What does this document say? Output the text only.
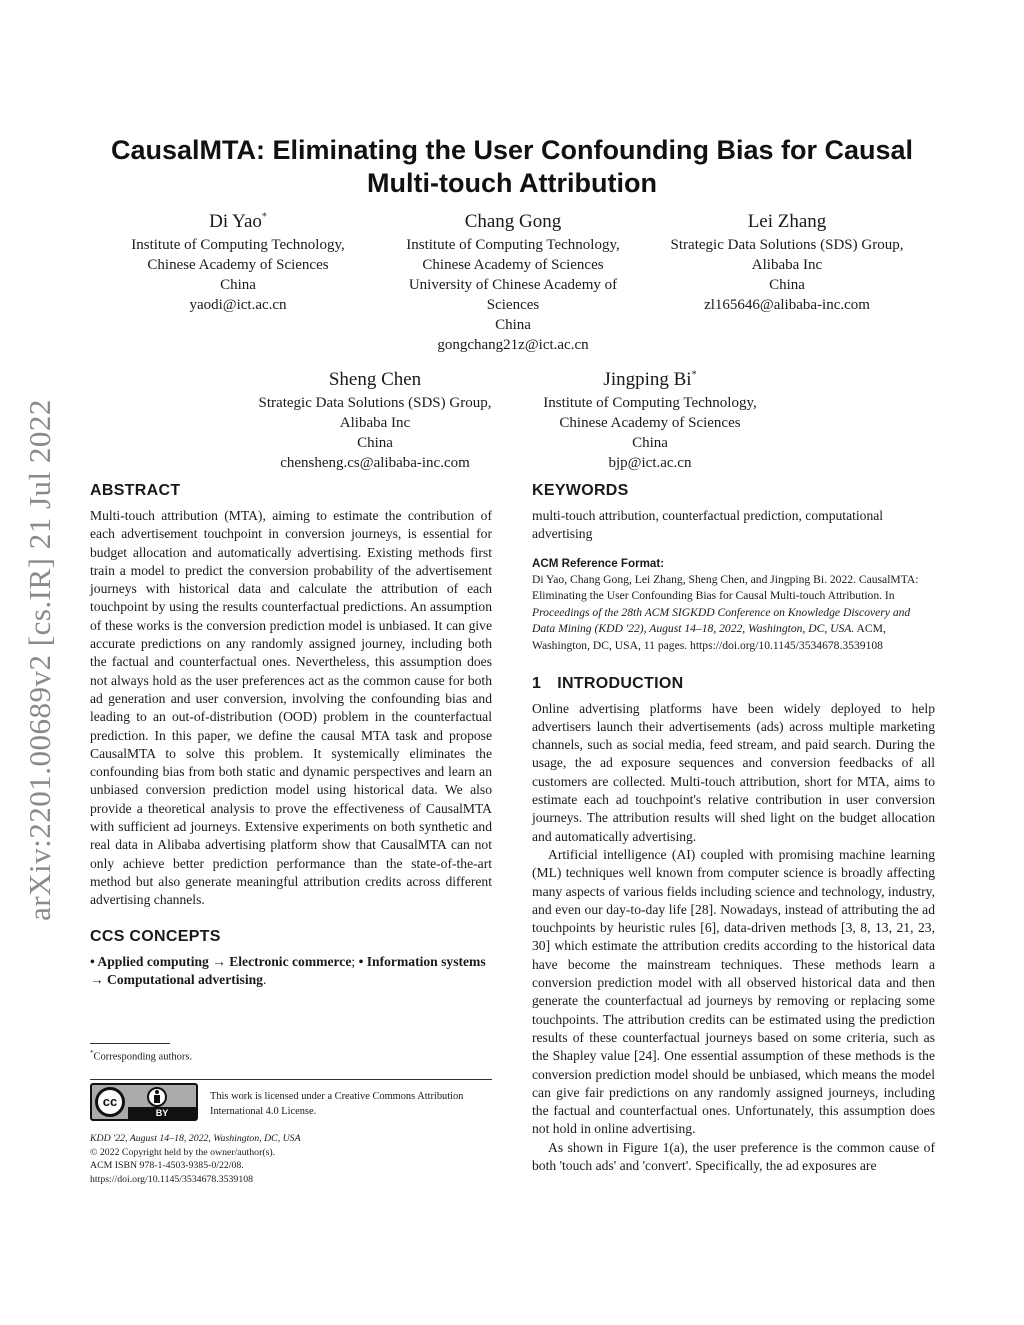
arXiv:2201.00689v2 [cs.IR] 21 Jul 2022
CausalMTA: Eliminating the User Confounding Bias for Causal Multi-touch Attribution
Di Yao*
Institute of Computing Technology,
Chinese Academy of Sciences
China
yaodi@ict.ac.cn
Chang Gong
Institute of Computing Technology,
Chinese Academy of Sciences
University of Chinese Academy of
Sciences
China
gongchang21z@ict.ac.cn
Lei Zhang
Strategic Data Solutions (SDS) Group,
Alibaba Inc
China
zl165646@alibaba-inc.com
Sheng Chen
Strategic Data Solutions (SDS) Group,
Alibaba Inc
China
chensheng.cs@alibaba-inc.com
Jingping Bi*
Institute of Computing Technology,
Chinese Academy of Sciences
China
bjp@ict.ac.cn
ABSTRACT

Multi-touch attribution (MTA), aiming to estimate the contribution of each advertisement touchpoint in conversion journeys, is essential for budget allocation and automatically advertising. Existing methods first train a model to predict the conversion probability of the advertisement journeys with historical data and calculate the attribution of each touchpoint by using the results counterfactual predictions. An assumption of these works is the conversion prediction model is unbiased. It can give accurate predictions on any randomly assigned journey, including both the factual and counterfactual ones. Nevertheless, this assumption does not always hold as the user preferences act as the common cause for both ad generation and user conversion, involving the confounding bias and leading to an out-of-distribution (OOD) problem in the counterfactual prediction. In this paper, we define the causal MTA task and propose CausalMTA to solve this problem. It systemically eliminates the confounding bias from both static and dynamic perspectives and learn an unbiased conversion prediction model using historical data. We also provide a theoretical analysis to prove the effectiveness of CausalMTA with sufficient ad journeys. Extensive experiments on both synthetic and real data in Alibaba advertising platform show that CausalMTA can not only achieve better prediction performance than the state-of-the-art method but also generate meaningful attribution credits across different advertising channels.

CCS CONCEPTS

• Applied computing → Electronic commerce; • Information systems → Computational advertising.

*Corresponding authors.
cc
BY
This work is licensed under a Creative Commons Attribution International 4.0 License.
KDD '22, August 14–18, 2022, Washington, DC, USA
© 2022 Copyright held by the owner/author(s).
ACM ISBN 978-1-4503-9385-0/22/08.
https://doi.org/10.1145/3534678.3539108
KEYWORDS

multi-touch attribution, counterfactual prediction, computational advertising

ACM Reference Format:

Di Yao, Chang Gong, Lei Zhang, Sheng Chen, and Jingping Bi. 2022. CausalMTA: Eliminating the User Confounding Bias for Causal Multi-touch Attribution. In Proceedings of the 28th ACM SIGKDD Conference on Knowledge Discovery and Data Mining (KDD '22), August 14–18, 2022, Washington, DC, USA. ACM, Washington, DC, USA, 11 pages. https://doi.org/10.1145/3534678.3539108

1 INTRODUCTION

Online advertising platforms have been widely deployed to help advertisers launch their advertisements (ads) across multiple marketing channels, such as social media, feed stream, and paid search. During the usage, the ad exposure sequences and conversion feedbacks of all customers are collected. Multi-touch attribution, short for MTA, aims to estimate each ad touchpoint's relative contribution in user conversion journeys. The attribution results will shed light on the budget allocation and automatically advertising.

Artificial intelligence (AI) coupled with promising machine learning (ML) techniques well known from computer science is broadly affecting many aspects of various fields including science and technology, industry, and even our day-to-day life [28]. Nowadays, instead of attributing the ad touchpoints by heuristic rules [6], data-driven methods [3, 8, 13, 21, 23, 30] which estimate the attribution credits according to the historical data have become the mainstream techniques. These methods learn a conversion prediction model with all observed historical data and then generate the counterfactual ad journeys by removing or replacing some touchpoints. The attribution credits can be estimated using the prediction results of these counterfactual journeys based on some criteria, such as the Shapley value [24]. One essential assumption of these methods is the conversion prediction model should be unbiased, which means the model can give fair predictions on any randomly assigned journeys, including the factual and counterfactual ones. Unfortunately, this assumption does not hold in online advertising.

As shown in Figure 1(a), the user preference is the common cause of both 'touch ads' and 'convert'. Specifically, the ad exposures are
